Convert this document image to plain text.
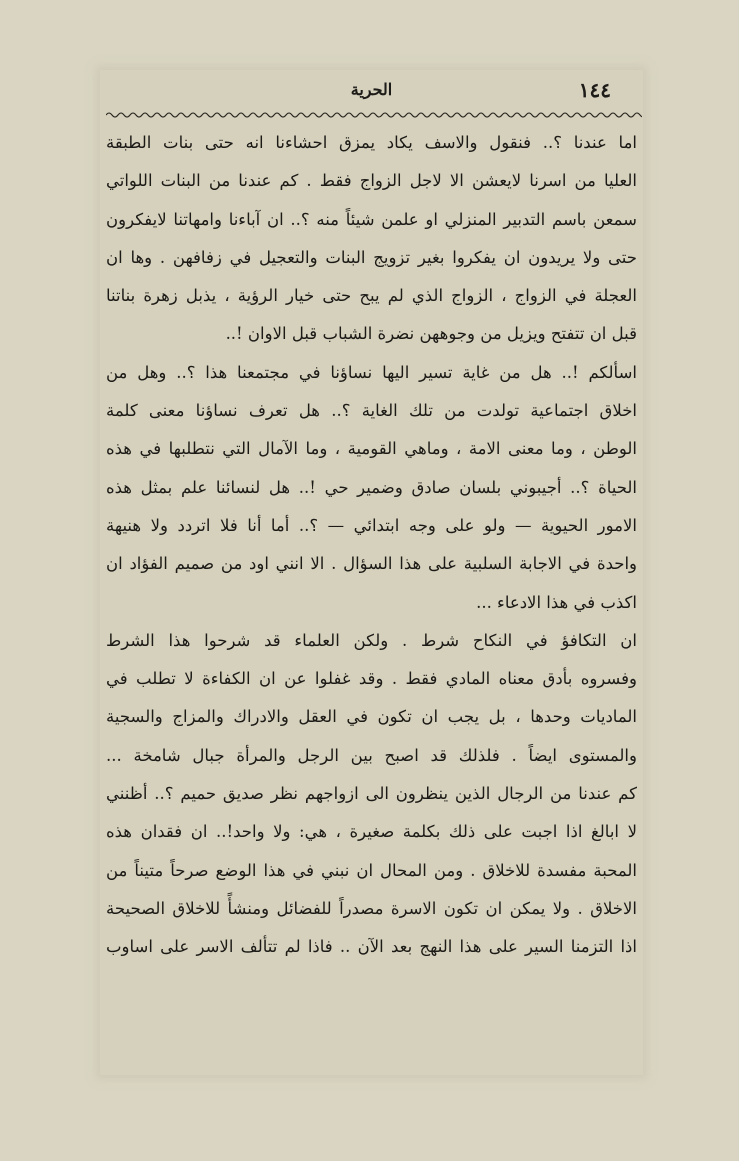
١٤٤
الحرية
اما عندنا ؟.. فنقول والاسف يكاد يمزق احشاءنا انه حتى بنات الطبقة
العليا من اسرنا لايعشن الا لاجل الزواج فقط . كم عندنا من البنات اللواتي
سمعن باسم التدبير المنزلي او علمن شيئاً منه ؟.. ان آباءنا وامهاتنا لايفكرون
حتى ولا يريدون ان يفكروا بغير تزويج البنات والتعجيل في زفافهن . وها ان
العجلة في الزواج ، الزواج الذي لم يبح حتى خيار الرؤية ، يذبل زهرة بناتنا
قبل ان تتفتح ويزيل من وجوههن نضرة الشباب قبل الاوان !..
اسألكم !.. هل من غاية تسير اليها نساؤنا في مجتمعنا هذا ؟.. وهل من
اخلاق اجتماعية تولدت من تلك الغاية ؟.. هل تعرف نساؤنا معنى كلمة
الوطن ، وما معنى الامة ، وماهي القومية ، وما الآمال التي نتطلبها في هذه
الحياة ؟.. أجيبوني بلسان صادق وضمير حي !.. هل لنسائنا علم بمثل هذه
الامور الحيوية — ولو على وجه ابتدائي — ؟.. أما أنا فلا اتردد ولا هنيهة
واحدة في الاجابة السلبية على هذا السؤال . الا انني اود من صميم الفؤاد ان
اكذب في هذا الادعاء ...
ان التكافؤ في النكاح شرط . ولكن العلماء قد شرحوا هذا الشرط
وفسروه بأدق معناه المادي فقط . وقد غفلوا عن ان الكفاءة لا تطلب في
الماديات وحدها ، بل يجب ان تكون في العقل والادراك والمزاج والسجية
والمستوى ايضاً . فلذلك قد اصبح بين الرجل والمرأة جبال شامخة ...
كم عندنا من الرجال الذين ينظرون الى ازواجهم نظر صديق حميم ؟.. أظنني
لا ابالغ اذا اجبت على ذلك بكلمة صغيرة ، هي: ولا واحد!.. ان فقدان هذه
المحبة مفسدة للاخلاق . ومن المحال ان نبني في هذا الوضع صرحاً متيناً من
الاخلاق . ولا يمكن ان تكون الاسرة مصدراً للفضائل ومنشأً للاخلاق الصحيحة
اذا التزمنا السير على هذا النهج بعد الآن .. فاذا لم تتألف الاسر على اساوب
